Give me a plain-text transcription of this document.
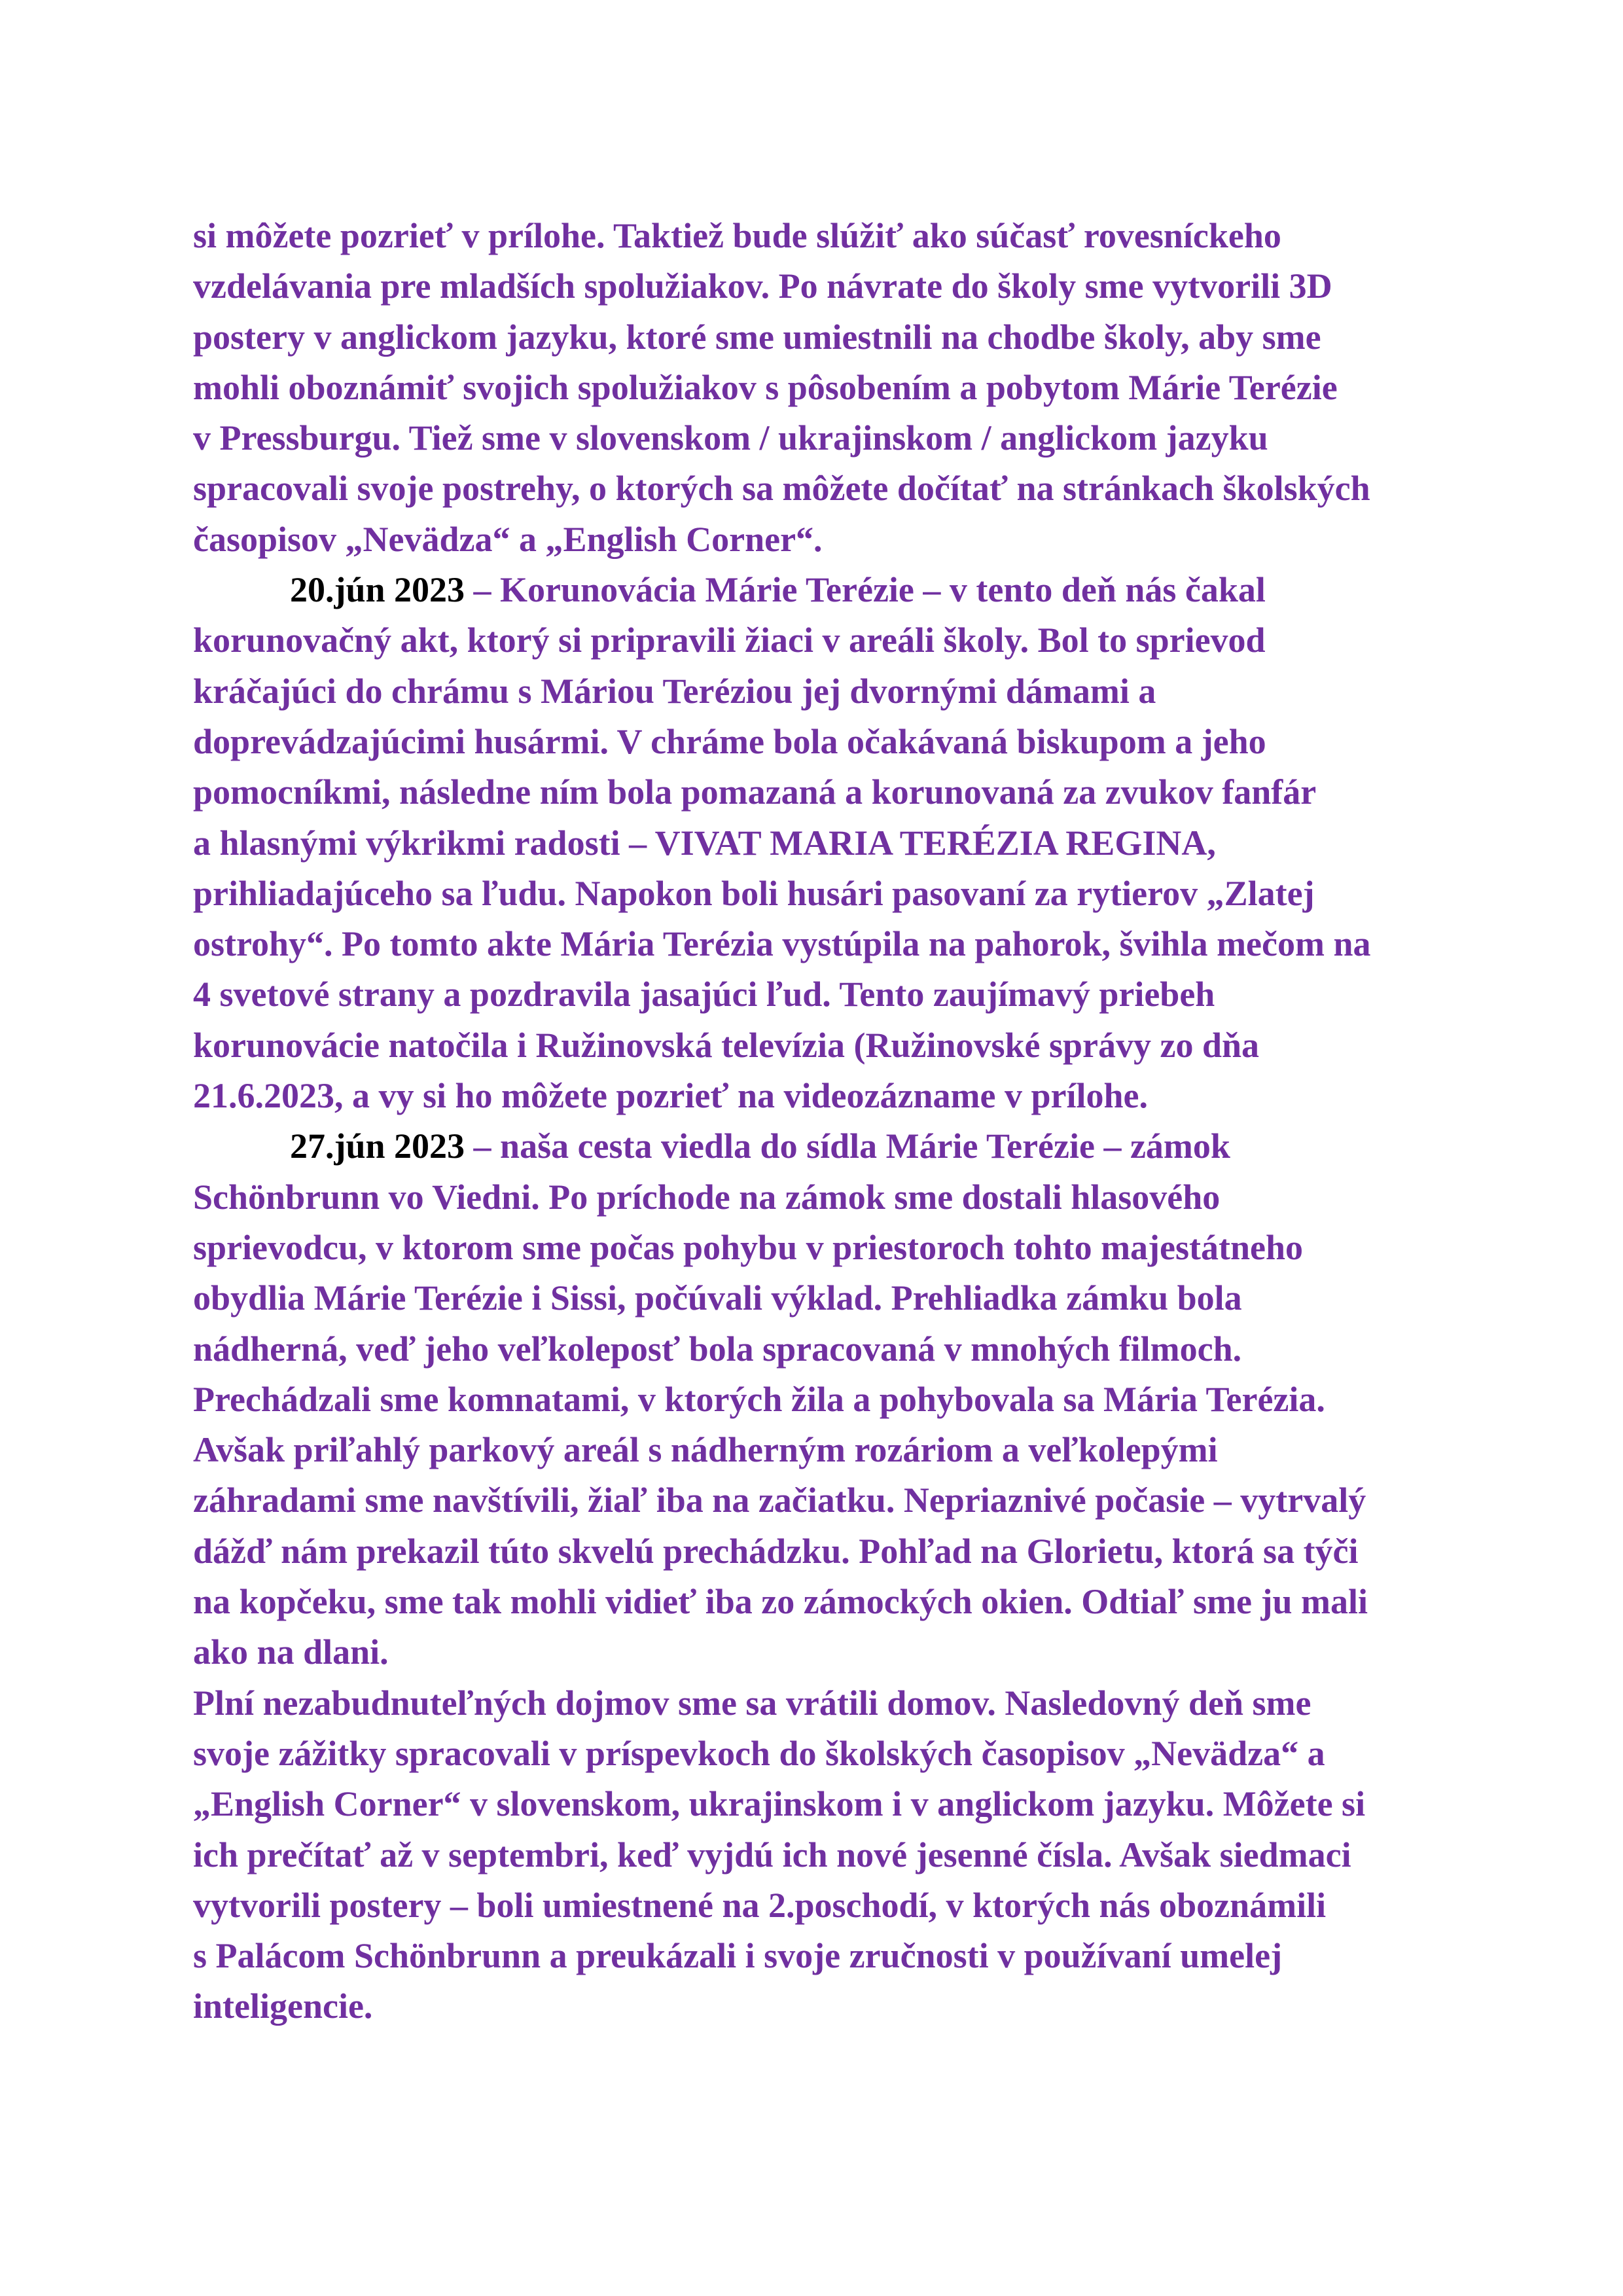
si môžete pozrieť v prílohe. Taktiež bude slúžiť ako súčasť rovesníckeho
vzdelávania pre mladších spolužiakov. Po návrate do školy sme vytvorili 3D
postery v anglickom jazyku, ktoré sme umiestnili na chodbe školy, aby sme
mohli oboznámiť svojich spolužiakov s pôsobením a pobytom Márie Terézie
v Pressburgu. Tiež sme v slovenskom / ukrajinskom / anglickom jazyku
spracovali svoje postrehy, o ktorých sa môžete dočítať na stránkach školských
časopisov „Nevädza“ a „English Corner“.
20.jún 2023 – Korunovácia Márie Terézie – v tento deň nás čakal
korunovačný akt, ktorý si pripravili žiaci v areáli školy. Bol to sprievod
kráčajúci do chrámu s Máriou Teréziou jej dvornými dámami a
doprevádzajúcimi husármi. V chráme bola očakávaná biskupom a jeho
pomocníkmi, následne ním bola pomazaná a korunovaná za zvukov fanfár
a hlasnými výkrikmi radosti – VIVAT MARIA TERÉZIA REGINA,
prihliadajúceho sa ľudu. Napokon boli husári pasovaní za rytierov „Zlatej
ostrohy“. Po tomto akte Mária Terézia vystúpila na pahorok, švihla mečom na
4 svetové strany a pozdravila jasajúci ľud. Tento zaujímavý priebeh
korunovácie natočila i Ružinovská televízia (Ružinovské správy zo dňa
21.6.2023, a vy si ho môžete pozrieť na videozázname v prílohe.
27.jún 2023 – naša cesta viedla do sídla Márie Terézie – zámok
Schönbrunn vo Viedni. Po príchode na zámok sme dostali hlasového
sprievodcu, v ktorom sme počas pohybu v priestoroch tohto majestátneho
obydlia Márie Terézie i Sissi, počúvali výklad. Prehliadka zámku bola
nádherná, veď jeho veľkoleposť bola spracovaná v mnohých filmoch.
Prechádzali sme komnatami, v ktorých žila a pohybovala sa Mária Terézia.
Avšak priľahlý parkový areál s nádherným rozáriom a veľkolepými
záhradami sme navštívili, žiaľ iba na začiatku. Nepriaznivé počasie – vytrvalý
dážď nám prekazil túto skvelú prechádzku. Pohľad na Glorietu, ktorá sa týči
na kopčeku, sme tak mohli vidieť iba zo zámockých okien. Odtiaľ sme ju mali
ako na dlani.
Plní nezabudnuteľných dojmov sme sa vrátili domov. Nasledovný deň sme
svoje zážitky spracovali v príspevkoch do školských časopisov „Nevädza“ a
„English Corner“ v slovenskom, ukrajinskom i v anglickom jazyku. Môžete si
ich prečítať až v septembri, keď vyjdú ich nové jesenné čísla. Avšak siedmaci
vytvorili postery – boli umiestnené na 2.poschodí, v ktorých nás oboznámili
s Palácom Schönbrunn a preukázali i svoje zručnosti v používaní umelej
inteligencie.
